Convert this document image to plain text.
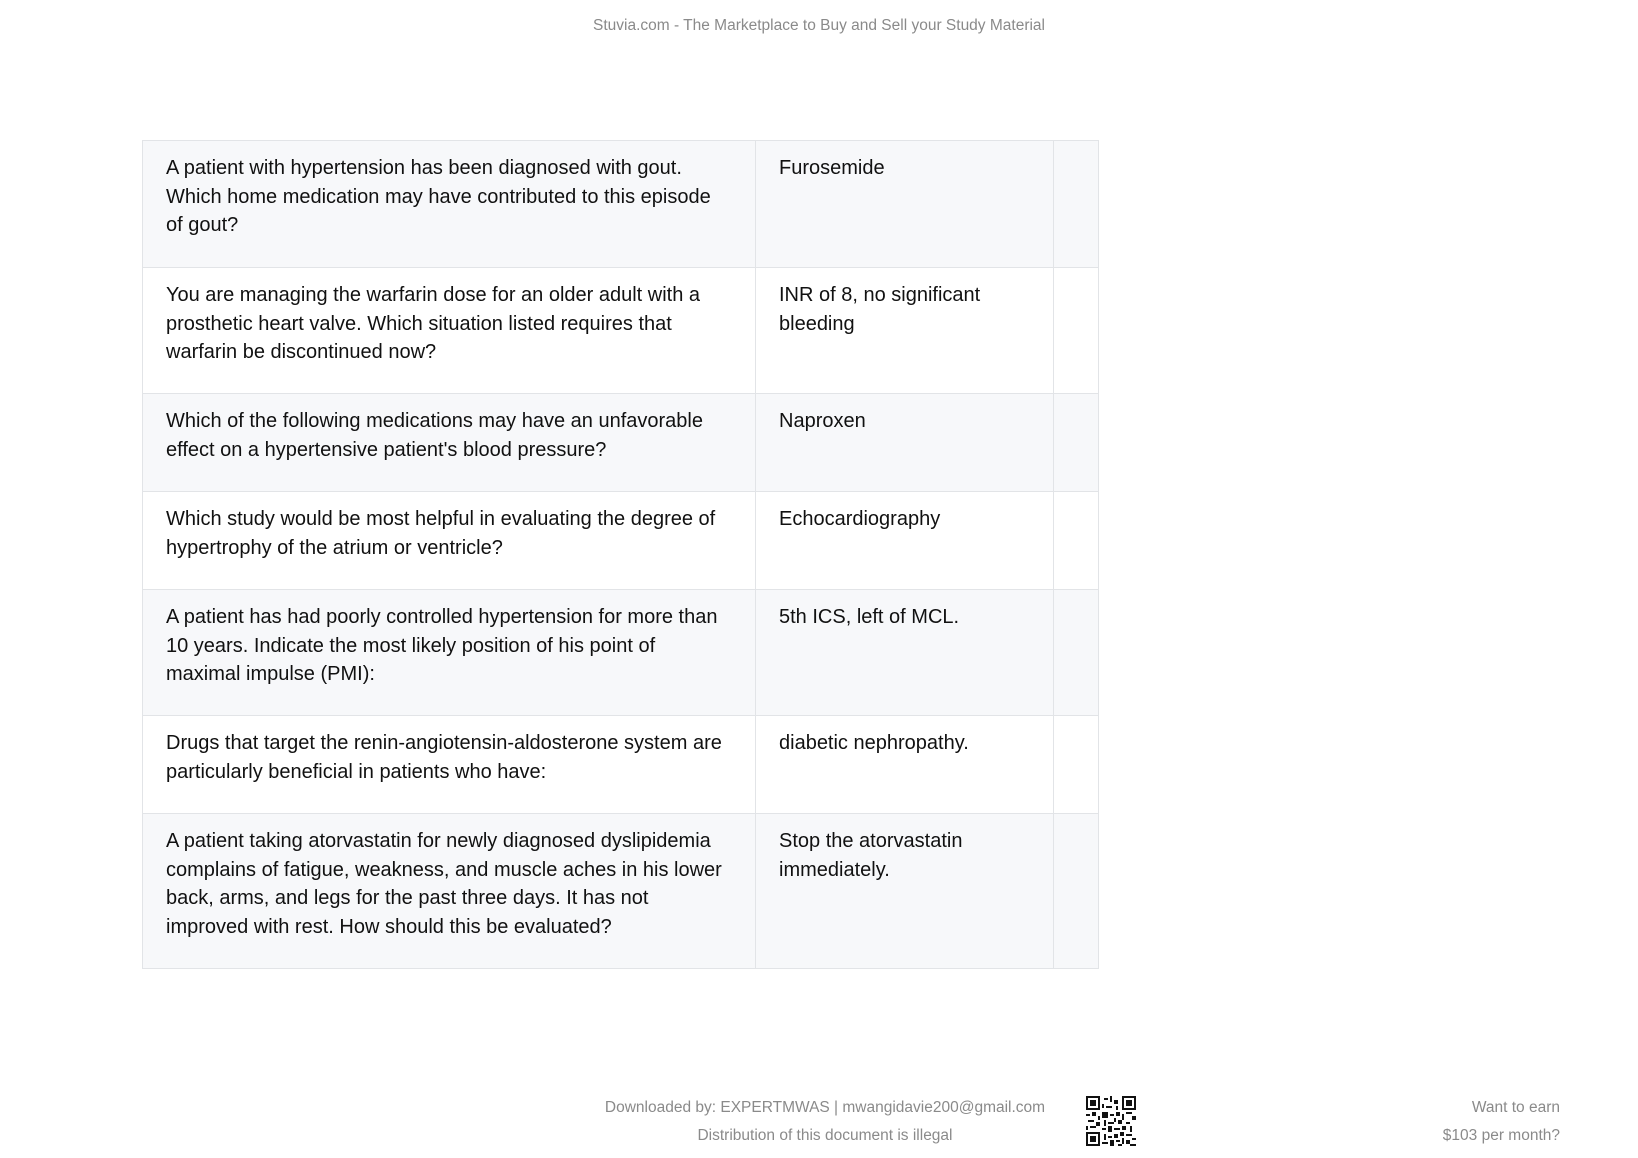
Stuvia.com - The Marketplace to Buy and Sell your Study Material
A patient with hypertension has been diagnosed with gout. Which home medication may have contributed to this episode of gout?	Furosemide	
You are managing the warfarin dose for an older adult with a prosthetic heart valve. Which situation listed requires that warfarin be discontinued now?	INR of 8, no significant bleeding	
Which of the following medications may have an unfavorable effect on a hypertensive patient's blood pressure?	Naproxen	
Which study would be most helpful in evaluating the degree of hypertrophy of the atrium or ventricle?	Echocardiography	
A patient has had poorly controlled hypertension for more than 10 years. Indicate the most likely position of his point of maximal impulse (PMI):	5th ICS, left of MCL.	
Drugs that target the renin-angiotensin-aldosterone system are particularly beneficial in patients who have:	diabetic nephropathy.	
A patient taking atorvastatin for newly diagnosed dyslipidemia complains of fatigue, weakness, and muscle aches in his lower back, arms, and legs for the past three days. It has not improved with rest. How should this be evaluated?	Stop the atorvastatin immediately.	
Downloaded by: EXPERTMWAS | mwangidavie200@gmail.com
Distribution of this document is illegal
Want to earn
$103 per month?
